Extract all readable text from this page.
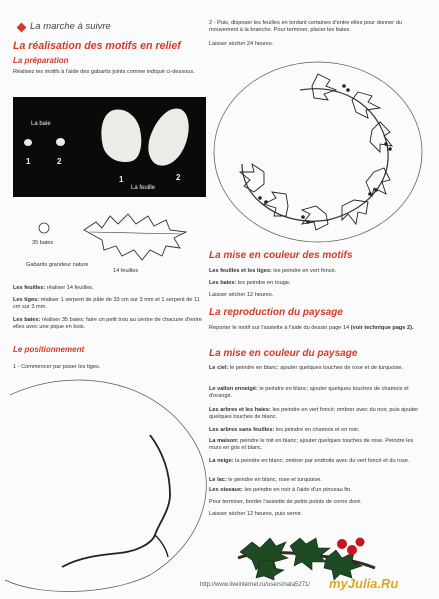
La marche à suivre
La réalisation des motifs en relief
La préparation
Réalisez les motifs à l'aide des gabarits joints comme indiqué ci-dessous.
La baie
1	2
1	2
La feuille
35 baies
Gabarits grandeur nature
14 feuilles
Les feuilles: réaliser 14 feuilles.
Les tiges: réaliser 1 serpent de pâte de 33 cm sur 3 mm et 1 serpent de 11 cm sur 3 mm.
Les baies: réaliser 35 baies; faire un petit trou au centre de chacune d'entre elles avec une pique en bois.
Le positionnement
1 - Commencer par poser les tiges.
2 - Puis, disposer les feuilles en tordant certaines d'entre elles pour donner du mouvement à la branche. Pour terminer, placer les baies.
Laisser sécher 24 heures.
La mise en couleur des motifs
Les feuilles et les tiges: les peindre en vert foncé.
Les baies: les peindre en rouge.
Laisser sécher 12 heures.
La reproduction du paysage
Reporter le motif sur l'assiette à l'aide du dessin page 14 (voir technique page 2).
La mise en couleur du paysage
Le ciel: le peindre en blanc; ajouter quelques touches de rose et de turquoise.
Le vallon enneigé: le peindre en blanc; ajouter quelques touches de chamois et d'orangé.
Les arbres et les haies: les peindre en vert foncé; ombrer avec du noir, puis ajouter quelques touches de blanc.
Les arbres sans feuilles: les peindre en chamois et en noir.
La maison: peindre le toit en blanc; ajouter quelques touches de rose. Peindre les murs en gris et blanc.
La neige: la peindre en blanc; ombrer par endroits avec du vert foncé et du rose.
Le lac: le peindre en blanc, rose et turquoise.
Les oiseaux: les peindre en noir à l'aide d'un pinceau fin.
Pour terminer, border l'assiette de petits points de corne doré.
Laisser sécher 12 heures, puis vernir.
http://www.liveinternet.ru/users/nata5271/ myJulia.Ru
